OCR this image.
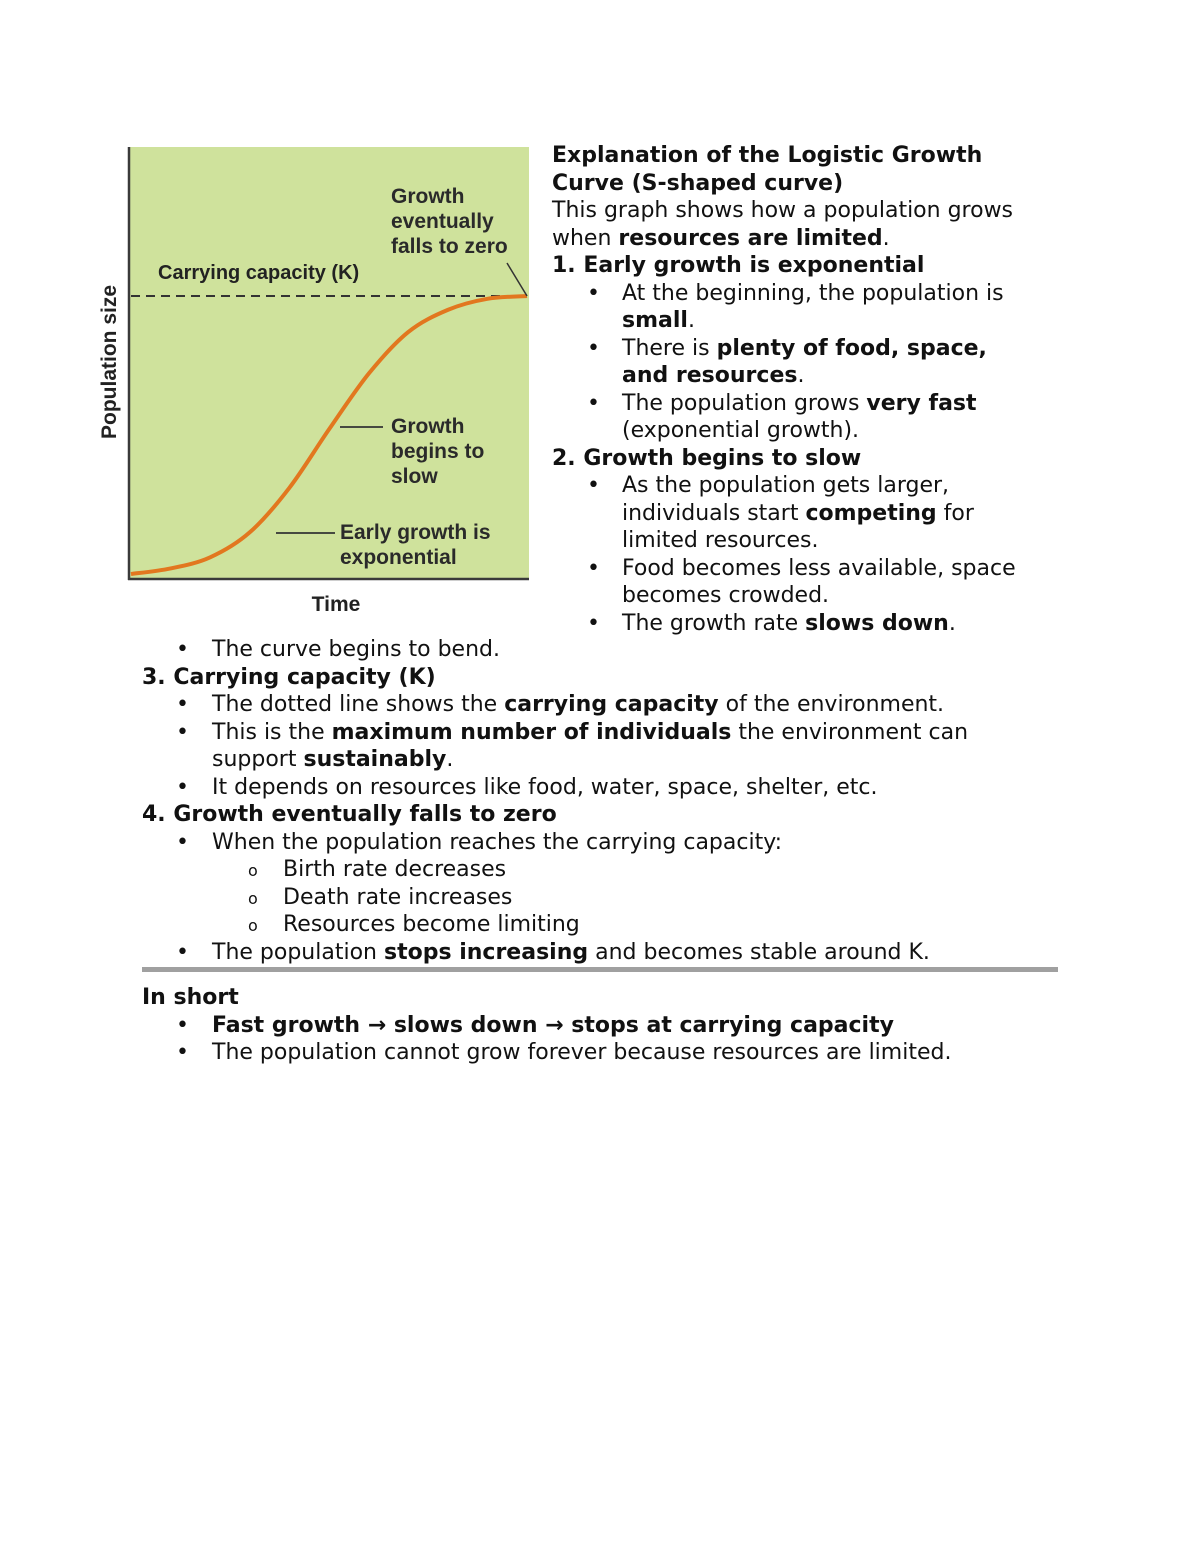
Population size
Time
Carrying capacity (K)
Growth eventually falls to zero
Growth begins to slow
Early growth is exponential
Explanation of the Logistic Growth
Curve (S-shaped curve)
This graph shows how a population grows
when resources are limited.
1. Early growth is exponential
• At the beginning, the population is
small.
• There is plenty of food, space,
and resources.
• The population grows very fast
(exponential growth).
2. Growth begins to slow
• As the population gets larger,
individuals start competing for
limited resources.
• Food becomes less available, space
becomes crowded.
• The growth rate slows down.
• The curve begins to bend.
3. Carrying capacity (K)
• The dotted line shows the carrying capacity of the environment.
• This is the maximum number of individuals the environment can
support sustainably.
• It depends on resources like food, water, space, shelter, etc.
4. Growth eventually falls to zero
• When the population reaches the carrying capacity:
o Birth rate decreases
o Death rate increases
o Resources become limiting
• The population stops increasing and becomes stable around K.
In short
• Fast growth → slows down → stops at carrying capacity
• The population cannot grow forever because resources are limited.
